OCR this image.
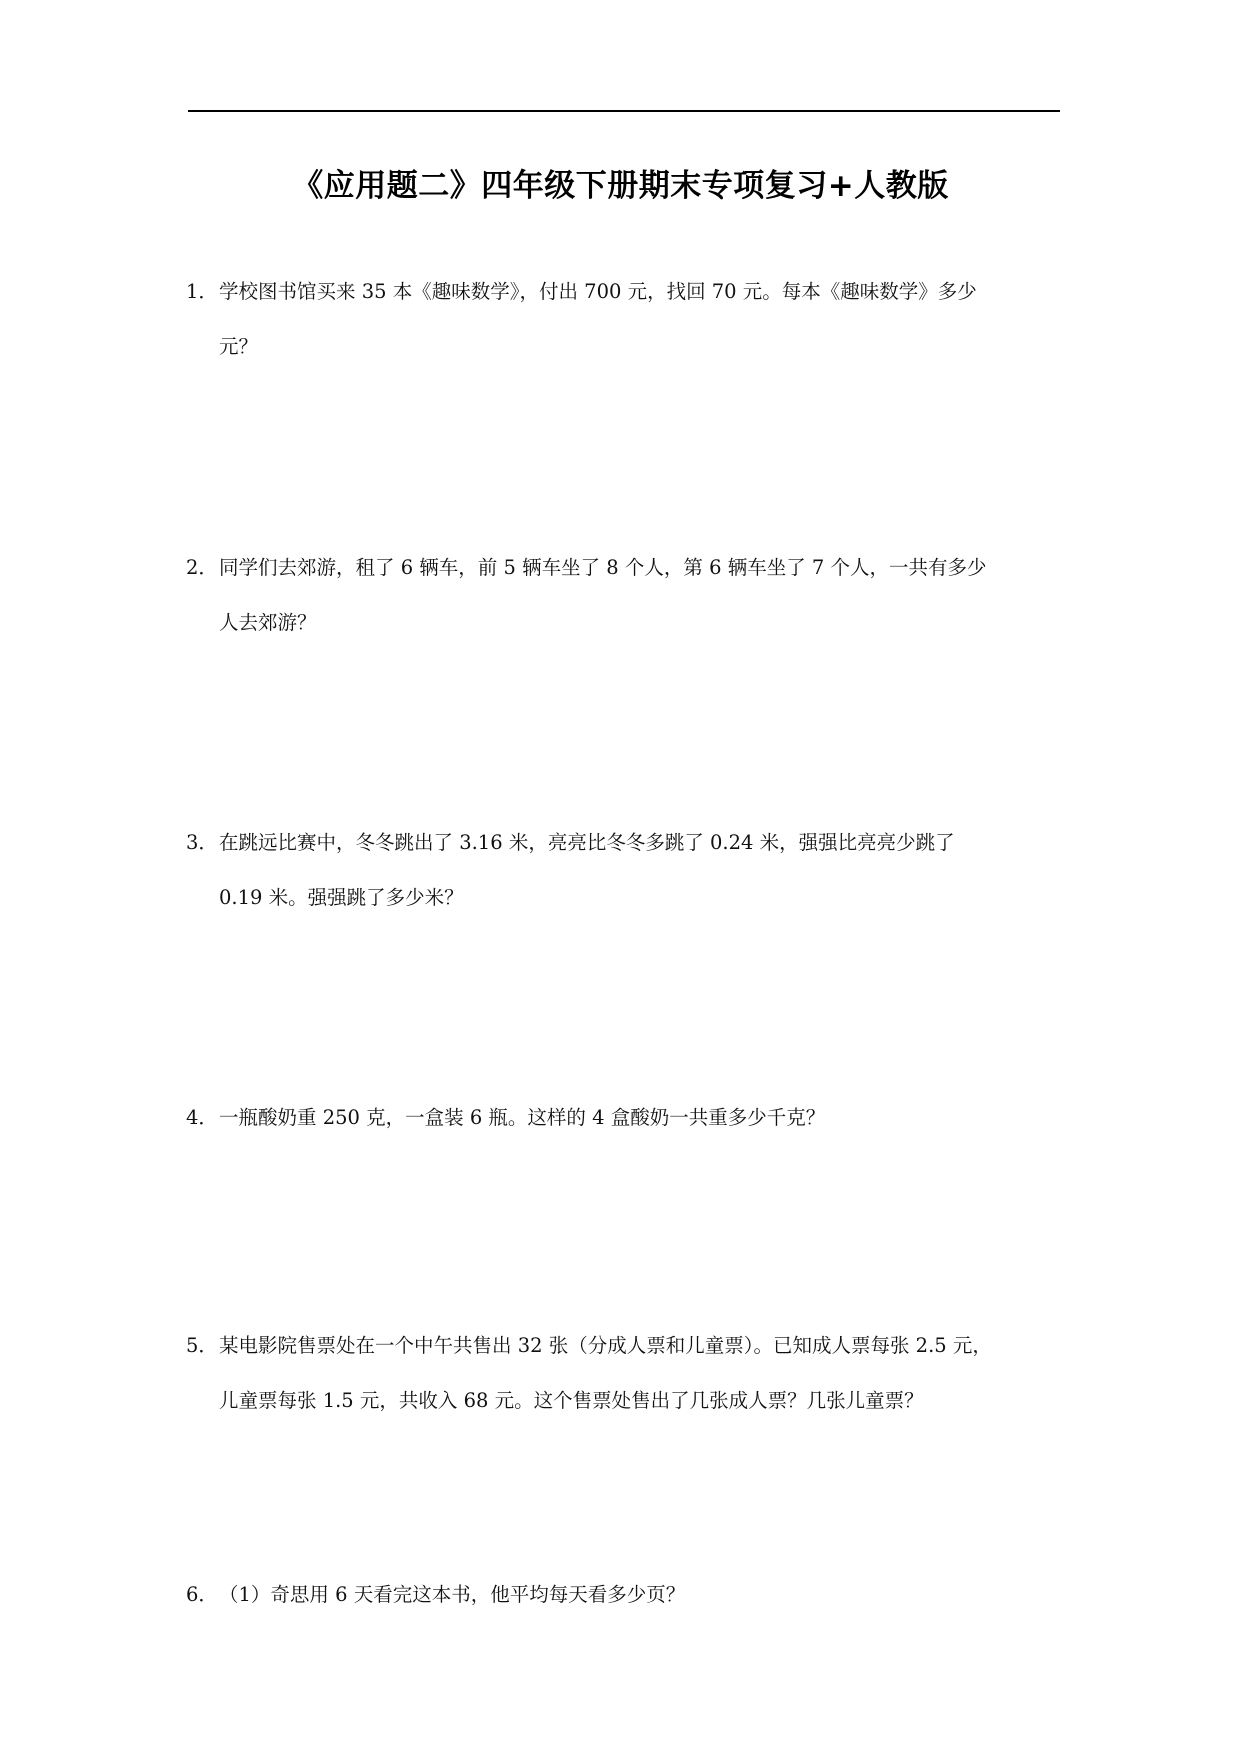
《应用题二》四年级下册期末专项复习+人教版
1．学校图书馆买来 35 本《趣味数学》，付出 700 元，找回 70 元。每本《趣味数学》多少
元？
2．同学们去郊游，租了 6 辆车，前 5 辆车坐了 8 个人，第 6 辆车坐了 7 个人，一共有多少
人去郊游？
3．在跳远比赛中，冬冬跳出了 3.16 米，亮亮比冬冬多跳了 0.24 米，强强比亮亮少跳了
0.19 米。强强跳了多少米？
4．一瓶酸奶重 250 克，一盒装 6 瓶。这样的 4 盒酸奶一共重多少千克？
5．某电影院售票处在一个中午共售出 32 张（分成人票和儿童票）。已知成人票每张 2.5 元，
儿童票每张 1.5 元，共收入 68 元。这个售票处售出了几张成人票？几张儿童票？
6．（1）奇思用 6 天看完这本书，他平均每天看多少页？
